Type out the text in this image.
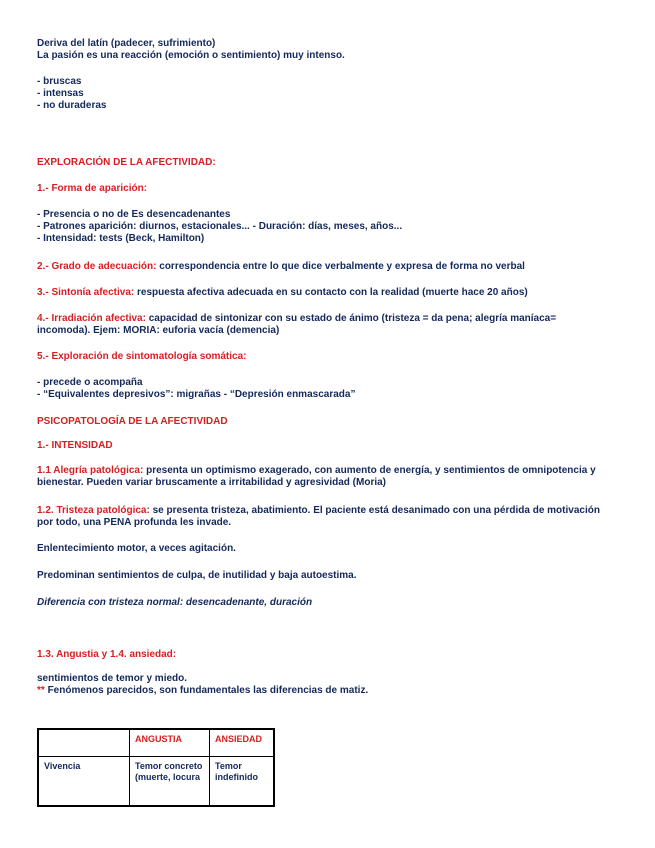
Deriva del latín (padecer, sufrimiento)
La pasión es una reacción (emoción o sentimiento) muy intenso.
- bruscas
- intensas
- no duraderas
EXPLORACIÓN DE LA AFECTIVIDAD:
1.- Forma de aparición:
- Presencia o no de Es desencadenantes
- Patrones aparición: diurnos, estacionales... - Duración: días, meses, años...
- Intensidad: tests (Beck, Hamilton)
2.- Grado de adecuación: correspondencia entre lo que dice verbalmente y expresa de forma no verbal
3.- Sintonía afectiva: respuesta afectiva adecuada en su contacto con la realidad (muerte hace 20 años)
4.- Irradiación afectiva: capacidad de sintonizar con su estado de ánimo (tristeza = da pena; alegría maníaca= incomoda). Ejem: MORIA: euforia vacía (demencia)
5.- Exploración de sintomatología somática:
- precede o acompaña
- “Equivalentes depresivos”: migrañas - “Depresión enmascarada”
PSICOPATOLOGÍA DE LA AFECTIVIDAD
1.- INTENSIDAD
1.1 Alegría patológica: presenta un optimismo exagerado, con aumento de energía, y sentimientos de omnipotencia y bienestar. Pueden variar bruscamente a irritabilidad y agresividad (Moria)
1.2. Tristeza patológica: se presenta tristeza, abatimiento. El paciente está desanimado con una pérdida de motivación por todo, una PENA profunda les invade.
Enlentecimiento motor, a veces agitación.
Predominan sentimientos de culpa, de inutilidad y baja autoestima.
Diferencia con tristeza normal: desencadenante, duración
1.3. Angustia y 1.4. ansiedad:
sentimientos de temor y miedo.
** Fenómenos parecidos, son fundamentales las diferencias de matiz.
	ANGUSTIA	ANSIEDAD
Vivencia	Temor concreto (muerte, locura	Temor indefinido
